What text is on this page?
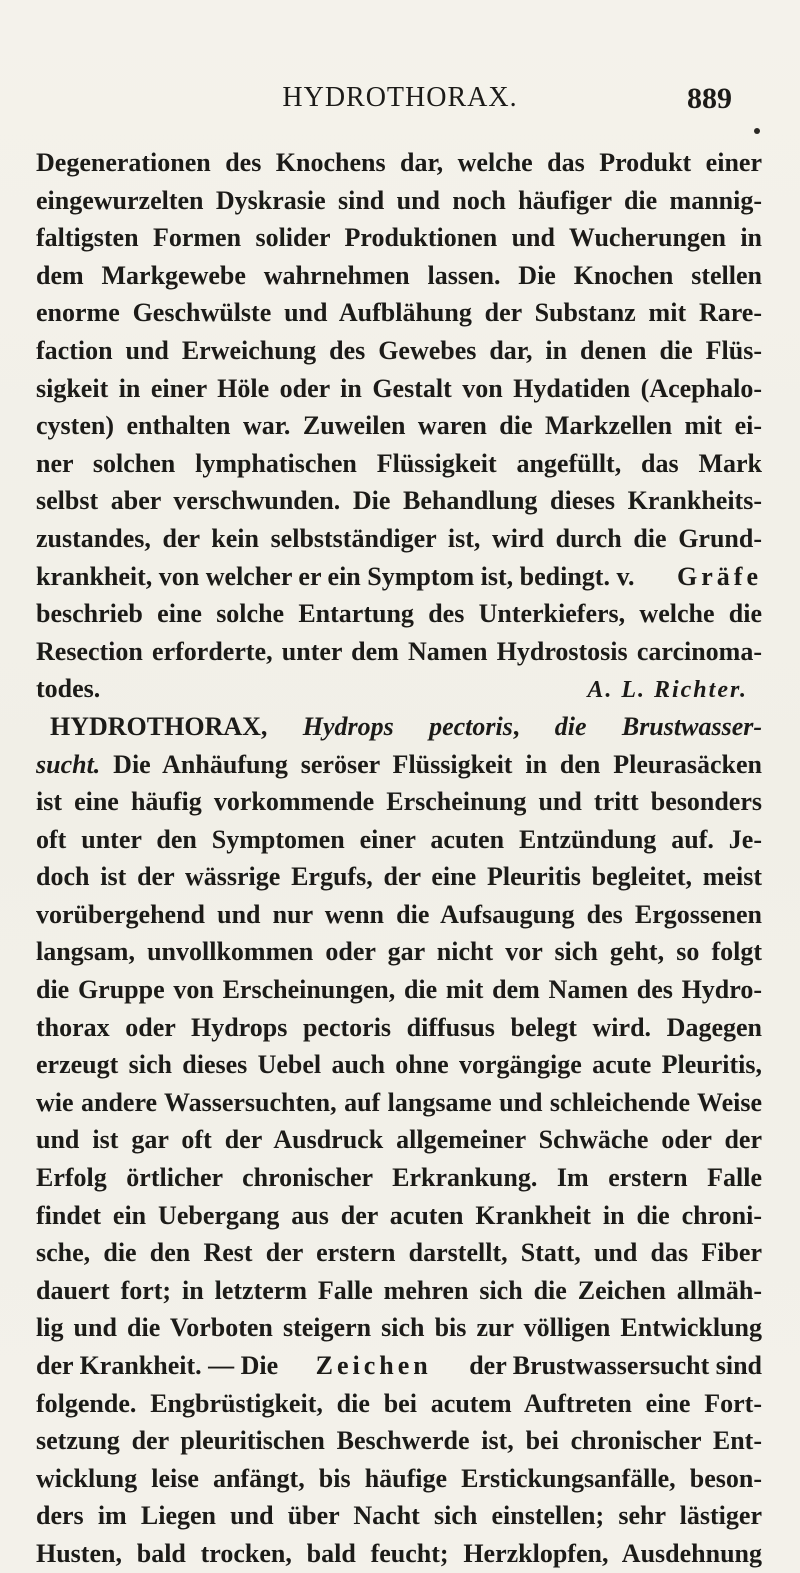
HYDROTHORAX.	889
Degenerationen des Knochens dar, welche das Produkt einer
eingewurzelten Dyskrasie sind und noch häufiger die mannig-
faltigsten Formen solider Produktionen und Wucherungen in
dem Markgewebe wahrnehmen lassen. Die Knochen stellen
enorme Geschwülste und Aufblähung der Substanz mit Rare-
faction und Erweichung des Gewebes dar, in denen die Flüs-
sigkeit in einer Höle oder in Gestalt von Hydatiden (Acephalo-
cysten) enthalten war. Zuweilen waren die Markzellen mit ei-
ner solchen lymphatischen Flüssigkeit angefüllt, das Mark
selbst aber verschwunden. Die Behandlung dieses Krankheits-
zustandes, der kein selbstständiger ist, wird durch die Grund-
krankheit, von welcher er ein Symptom ist, bedingt. v. Gräfe
beschrieb eine solche Entartung des Unterkiefers, welche die
Resection erforderte, unter dem Namen Hydrostosis carcinoma-
todes.	A. L. Richter.
HYDROTHORAX, Hydrops pectoris, die Brustwasser-
sucht. Die Anhäufung seröser Flüssigkeit in den Pleurasäcken
ist eine häufig vorkommende Erscheinung und tritt besonders
oft unter den Symptomen einer acuten Entzündung auf. Je-
doch ist der wässrige Ergufs, der eine Pleuritis begleitet, meist
vorübergehend und nur wenn die Aufsaugung des Ergossenen
langsam, unvollkommen oder gar nicht vor sich geht, so folgt
die Gruppe von Erscheinungen, die mit dem Namen des Hydro-
thorax oder Hydrops pectoris diffusus belegt wird. Dagegen
erzeugt sich dieses Uebel auch ohne vorgängige acute Pleuritis,
wie andere Wassersuchten, auf langsame und schleichende Weise
und ist gar oft der Ausdruck allgemeiner Schwäche oder der
Erfolg örtlicher chronischer Erkrankung. Im erstern Falle
findet ein Uebergang aus der acuten Krankheit in die chroni-
sche, die den Rest der erstern darstellt, Statt, und das Fiber
dauert fort; in letzterm Falle mehren sich die Zeichen allmäh-
lig und die Vorboten steigern sich bis zur völligen Entwicklung
der Krankheit. — Die Zeichen der Brustwassersucht sind
folgende. Engbrüstigkeit, die bei acutem Auftreten eine Fort-
setzung der pleuritischen Beschwerde ist, bei chronischer Ent-
wicklung leise anfängt, bis häufige Erstickungsanfälle, beson-
ders im Liegen und über Nacht sich einstellen; sehr lästiger
Husten, bald trocken, bald feucht; Herzklopfen, Ausdehnung
